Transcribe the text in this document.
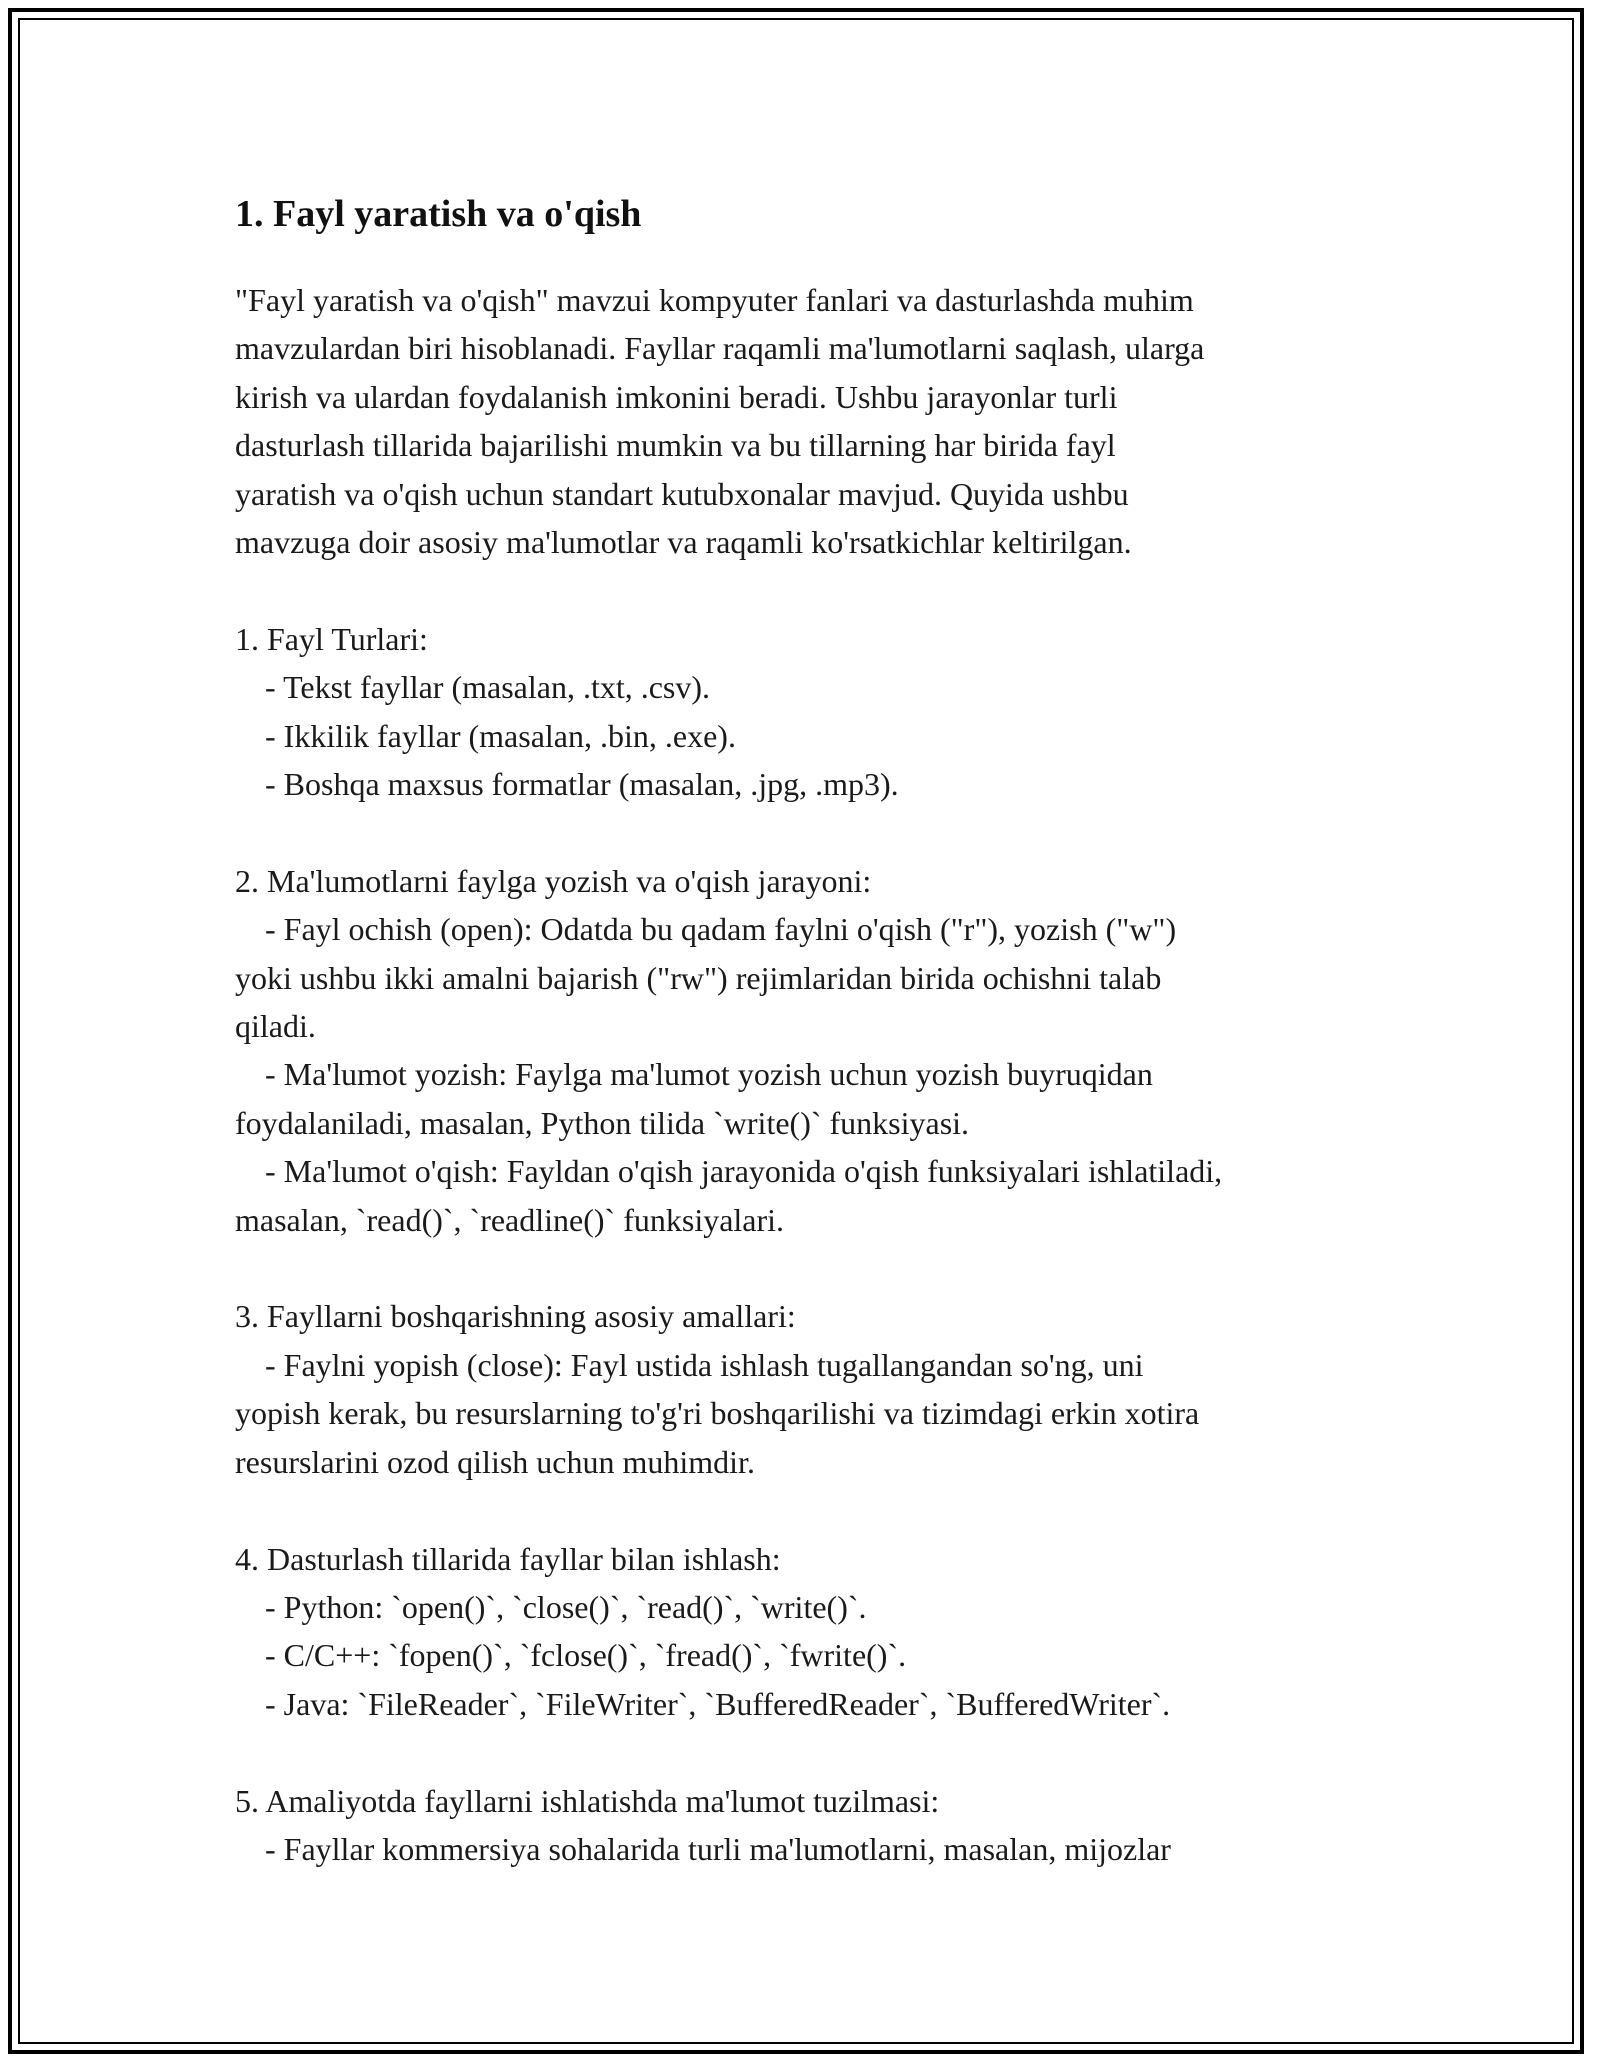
1. Fayl yaratish va o'qish
"Fayl yaratish va o'qish" mavzui kompyuter fanlari va dasturlashda muhim
mavzulardan biri hisoblanadi. Fayllar raqamli ma'lumotlarni saqlash, ularga
kirish va ulardan foydalanish imkonini beradi. Ushbu jarayonlar turli
dasturlash tillarida bajarilishi mumkin va bu tillarning har birida fayl
yaratish va o'qish uchun standart kutubxonalar mavjud. Quyida ushbu
mavzuga doir asosiy ma'lumotlar va raqamli ko'rsatkichlar keltirilgan.
1. Fayl Turlari:
- Tekst fayllar (masalan, .txt, .csv).
- Ikkilik fayllar (masalan, .bin, .exe).
- Boshqa maxsus formatlar (masalan, .jpg, .mp3).
2. Ma'lumotlarni faylga yozish va o'qish jarayoni:
- Fayl ochish (open): Odatda bu qadam faylni o'qish ("r"), yozish ("w")
yoki ushbu ikki amalni bajarish ("rw") rejimlaridan birida ochishni talab
qiladi.
- Ma'lumot yozish: Faylga ma'lumot yozish uchun yozish buyruqidan
foydalaniladi, masalan, Python tilida `write()` funksiyasi.
- Ma'lumot o'qish: Fayldan o'qish jarayonida o'qish funksiyalari ishlatiladi,
masalan, `read()`, `readline()` funksiyalari.
3. Fayllarni boshqarishning asosiy amallari:
- Faylni yopish (close): Fayl ustida ishlash tugallangandan so'ng, uni
yopish kerak, bu resurslarning to'g'ri boshqarilishi va tizimdagi erkin xotira
resurslarini ozod qilish uchun muhimdir.
4. Dasturlash tillarida fayllar bilan ishlash:
- Python: `open()`, `close()`, `read()`, `write()`.
- C/C++: `fopen()`, `fclose()`, `fread()`, `fwrite()`.
- Java: `FileReader`, `FileWriter`, `BufferedReader`, `BufferedWriter`.
5. Amaliyotda fayllarni ishlatishda ma'lumot tuzilmasi:
- Fayllar kommersiya sohalarida turli ma'lumotlarni, masalan, mijozlar
